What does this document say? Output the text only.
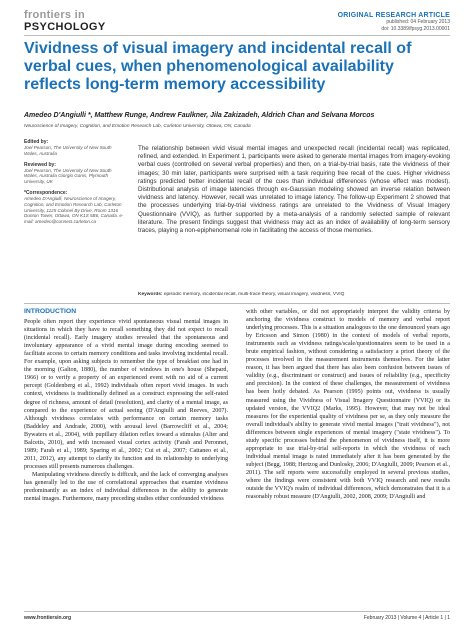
frontiers in
PSYCHOLOGY
ORIGINAL RESEARCH ARTICLE
published: 04 February 2013
doi: 10.3389/fpsyg.2013.00001
Vividness of visual imagery and incidental recall of verbal cues, when phenomenological availability reflects long-term memory accessibility
Amedeo D'Angiulli *, Matthew Runge, Andrew Faulkner, Jila Zakizadeh, Aldrich Chan and Selvana Morcos
Neuroscience of Imagery, Cognition, and Emotion Research Lab, Carleton University, Ottawa, ON, Canada
Edited by:
Joel Pearson, The University of New South Wales, Australia
Reviewed by:
Joel Pearson, The University of New South Wales, Australia Giorgio Ganis, Plymouth University, UK
*Correspondence:
Amedeo D'Angiulli, Neuroscience of Imagery, Cognition, and Emotion Research Lab, Carleton University, 1125 Colonel By Drive, Room 1316 Dunton Tower, Ottawa, ON K1S 5B6, Canada. e-mail: amedeo@connect.carleton.ca
The relationship between vivid visual mental images and unexpected recall (incidental recall) was replicated, refined, and extended. In Experiment 1, participants were asked to generate mental images from imagery-evoking verbal cues (controlled on several verbal properties) and then, on a trial-by-trial basis, rate the vividness of their images; 30 min later, participants were surprised with a task requiring free recall of the cues. Higher vividness ratings predicted better incidental recall of the cues than individual differences (whose effect was modest). Distributional analysis of image latencies through ex-Gaussian modeling showed an inverse relation between vividness and latency. However, recall was unrelated to image latency. The follow-up Experiment 2 showed that the processes underlying trial-by-trial vividness ratings are unrelated to the Vividness of Visual Imagery Questionnaire (VVIQ), as further supported by a meta-analysis of a randomly selected sample of relevant literature. The present findings suggest that vividness may act as an index of availability of long-term sensory traces, playing a non-epiphenomenal role in facilitating the access of those memories.
Keywords: episodic memory, incidental recall, multi-trace theory, visual imagery, vividness, VVIQ
INTRODUCTION

People often report they experience vivid spontaneous visual mental images in situations in which they have to recall something they did not expect to recall (incidental recall). Early imagery studies revealed that the spontaneous and involuntary appearance of a vivid mental image during encoding seemed to facilitate access to certain memory conditions and tasks involving incidental recall. For example, upon asking subjects to remember the type of breakfast one had in the morning (Galton, 1880), the number of windows in one's house (Shepard, 1966) or to verify a property of an experienced event with no aid of a current percept (Goldenberg et al., 1992) individuals often report vivid images. In such context, vividness is traditionally defined as a construct expressing the self-rated degree of richness, amount of detail (resolution), and clarity of a mental image, as compared to the experience of actual seeing (D'Angiulli and Reeves, 2007). Although vividness correlates with performance on certain memory tasks (Baddeley and Andrade, 2000), with arousal level (Barrowcliff et al., 2004; Bywaters et al., 2004), with pupillary dilation reflex toward a stimulus (Alter and Balcetis, 2010), and with increased visual cortex activity (Farah and Peronnet, 1989; Farah et al., 1989; Sparing et al., 2002; Cui et al., 2007; Cattaneo et al., 2011, 2012), any attempt to clarify its function and its relationship to underlying processes still presents numerous challenges.

Manipulating vividness directly is difficult, and the lack of converging analyses has generally led to the use of correlational approaches that examine vividness predominantly as an index of individual differences in the ability to generate mental images. Furthermore, many preceding studies either confounded vividness

with other variables, or did not appropriately interpret the validity criteria by anchoring the vividness construct to models of memory and verbal report underlying processes. This is a situation analogous to the one denounced years ago by Ericsson and Simon (1980) in the context of models of verbal reports, instruments such as vividness ratings/scale/questionnaires seem to be used in a brute empirical fashion, without considering a satisfactory a priori theory of the processes involved in the measurement instruments themselves. For the latter reason, it has been argued that there has also been confusion between issues of validity (e.g., discriminant or construct) and issues of reliability (e.g., specificity and precision). In the context of these challenges, the measurement of vividness has been hotly debated. As Pearson (1995) points out, vividness is usually measured using the Vividness of Visual Imagery Questionnaire (VVIQ) or its updated version, the VVIQ2 (Marks, 1995). However, that may not be ideal measures for the experiential quality of vividness per se, as they only measure the overall individual's ability to generate vivid mental images ("trait vividness"), not differences between single experiences of mental imagery ("state vividness"). To study specific processes behind the phenomenon of vividness itself, it is more appropriate to use trial-by-trial self-reports in which the vividness of each individual mental image is rated immediately after it has been generated by the subject (Begg, 1988; Hertzog and Dunlosky, 2006; D'Angiulli, 2009; Pearson et al., 2011). The self reports were successfully employed in several previous studies, where the findings were consistent with both VVIQ research and new results outside the VVIQ's realm of individual differences, which demonstrates that it is a reasonably robust measure (D'Angiulli, 2002, 2008, 2009; D'Angiulli and

www.frontiersin.org	February 2013 | Volume 4 | Article 1 | 1
